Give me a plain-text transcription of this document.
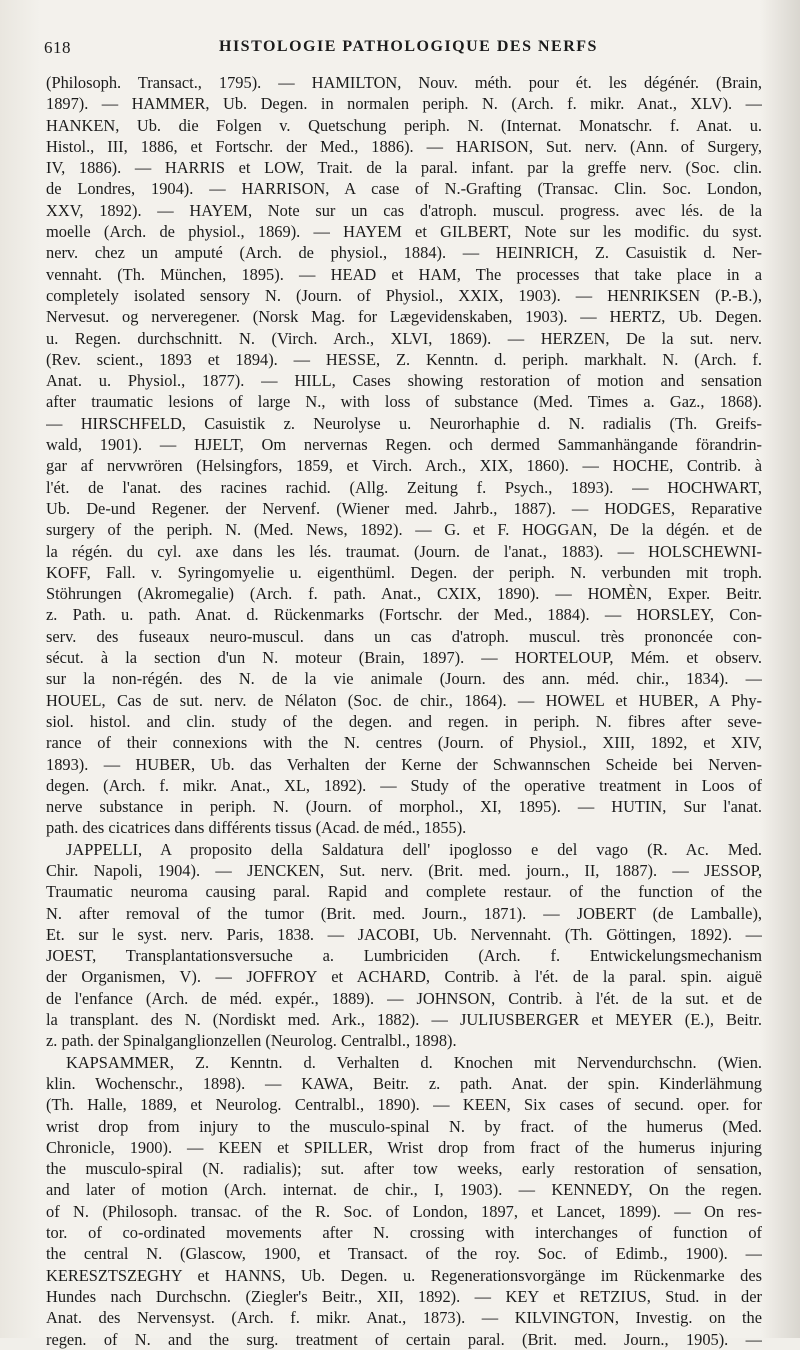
618	HISTOLOGIE PATHOLOGIQUE DES NERFS
(Philosoph. Transact., 1795). — HAMILTON, Nouv. méth. pour ét. les dégénér. (Brain,
1897). — HAMMER, Ub. Degen. in normalen periph. N. (Arch. f. mikr. Anat., XLV). —
HANKEN, Ub. die Folgen v. Quetschung periph. N. (Internat. Monatschr. f. Anat. u.
Histol., III, 1886, et Fortschr. der Med., 1886). — HARISON, Sut. nerv. (Ann. of Surgery,
IV, 1886). — HARRIS et LOW, Trait. de la paral. infant. par la greffe nerv. (Soc. clin.
de Londres, 1904). — HARRISON, A case of N.-Grafting (Transac. Clin. Soc. London,
XXV, 1892). — HAYEM, Note sur un cas d'atroph. muscul. progress. avec lés. de la
moelle (Arch. de physiol., 1869). — HAYEM et GILBERT, Note sur les modific. du syst.
nerv. chez un amputé (Arch. de physiol., 1884). — HEINRICH, Z. Casuistik d. Ner-
vennaht. (Th. München, 1895). — HEAD et HAM, The processes that take place in a
completely isolated sensory N. (Journ. of Physiol., XXIX, 1903). — HENRIKSEN (P.-B.),
Nervesut. og nerveregener. (Norsk Mag. for Lægevidenskaben, 1903). — HERTZ, Ub. Degen.
u. Regen. durchschnitt. N. (Virch. Arch., XLVI, 1869). — HERZEN, De la sut. nerv.
(Rev. scient., 1893 et 1894). — HESSE, Z. Kenntn. d. periph. markhalt. N. (Arch. f.
Anat. u. Physiol., 1877). — HILL, Cases showing restoration of motion and sensation
after traumatic lesions of large N., with loss of substance (Med. Times a. Gaz., 1868).
— HIRSCHFELD, Casuistik z. Neurolyse u. Neurorhaphie d. N. radialis (Th. Greifs-
wald, 1901). — HJELT, Om nervernas Regen. och dermed Sammanhängande förandrin-
gar af nervwrören (Helsingfors, 1859, et Virch. Arch., XIX, 1860). — HOCHE, Contrib. à
l'ét. de l'anat. des racines rachid. (Allg. Zeitung f. Psych., 1893). — HOCHWART,
Ub. De-und Regener. der Nervenf. (Wiener med. Jahrb., 1887). — HODGES, Reparative
surgery of the periph. N. (Med. News, 1892). — G. et F. HOGGAN, De la dégén. et de
la régén. du cyl. axe dans les lés. traumat. (Journ. de l'anat., 1883). — HOLSCHEWNI-
KOFF, Fall. v. Syringomyelie u. eigenthüml. Degen. der periph. N. verbunden mit troph.
Stöhrungen (Akromegalie) (Arch. f. path. Anat., CXIX, 1890). — HOMÈN, Exper. Beitr.
z. Path. u. path. Anat. d. Rückenmarks (Fortschr. der Med., 1884). — HORSLEY, Con-
serv. des fuseaux neuro-muscul. dans un cas d'atroph. muscul. très prononcée con-
sécut. à la section d'un N. moteur (Brain, 1897). — HORTELOUP, Mém. et observ.
sur la non-régén. des N. de la vie animale (Journ. des ann. méd. chir., 1834). —
HOUEL, Cas de sut. nerv. de Nélaton (Soc. de chir., 1864). — HOWEL et HUBER, A Phy-
siol. histol. and clin. study of the degen. and regen. in periph. N. fibres after seve-
rance of their connexions with the N. centres (Journ. of Physiol., XIII, 1892, et XIV,
1893). — HUBER, Ub. das Verhalten der Kerne der Schwannschen Scheide bei Nerven-
degen. (Arch. f. mikr. Anat., XL, 1892). — Study of the operative treatment in Loos of
nerve substance in periph. N. (Journ. of morphol., XI, 1895). — HUTIN, Sur l'anat.
path. des cicatrices dans différents tissus (Acad. de méd., 1855).
JAPPELLI, A proposito della Saldatura dell' ipoglosso e del vago (R. Ac. Med.
Chir. Napoli, 1904). — JENCKEN, Sut. nerv. (Brit. med. journ., II, 1887). — JESSOP,
Traumatic neuroma causing paral. Rapid and complete restaur. of the function of the
N. after removal of the tumor (Brit. med. Journ., 1871). — JOBERT (de Lamballe),
Et. sur le syst. nerv. Paris, 1838. — JACOBI, Ub. Nervennaht. (Th. Göttingen, 1892). —
JOEST, Transplantationsversuche a. Lumbriciden (Arch. f. Entwickelungsmechanism
der Organismen, V). — JOFFROY et ACHARD, Contrib. à l'ét. de la paral. spin. aiguë
de l'enfance (Arch. de méd. expér., 1889). — JOHNSON, Contrib. à l'ét. de la sut. et de
la transplant. des N. (Nordiskt med. Ark., 1882). — JULIUSBERGER et MEYER (E.), Beitr.
z. path. der Spinalganglionzellen (Neurolog. Centralbl., 1898).
KAPSAMMER, Z. Kenntn. d. Verhalten d. Knochen mit Nervendurchschn. (Wien.
klin. Wochenschr., 1898). — KAWA, Beitr. z. path. Anat. der spin. Kinderlähmung
(Th. Halle, 1889, et Neurolog. Centralbl., 1890). — KEEN, Six cases of secund. oper. for
wrist drop from injury to the musculo-spinal N. by fract. of the humerus (Med.
Chronicle, 1900). — KEEN et SPILLER, Wrist drop from fract of the humerus injuring
the musculo-spiral (N. radialis); sut. after tow weeks, early restoration of sensation,
and later of motion (Arch. internat. de chir., I, 1903). — KENNEDY, On the regen.
of N. (Philosoph. transac. of the R. Soc. of London, 1897, et Lancet, 1899). — On res-
tor. of co-ordinated movements after N. crossing with interchanges of function of
the central N. (Glascow, 1900, et Transact. of the roy. Soc. of Edimb., 1900). —
KERESZTSZEGHY et HANNS, Ub. Degen. u. Regenerationsvorgänge im Rückenmarke des
Hundes nach Durchschn. (Ziegler's Beitr., XII, 1892). — KEY et RETZIUS, Stud. in der
Anat. des Nervensyst. (Arch. f. mikr. Anat., 1873). — KILVINGTON, Investig. on the
regen. of N. and the surg. treatment of certain paral. (Brit. med. Journ., 1905). —
